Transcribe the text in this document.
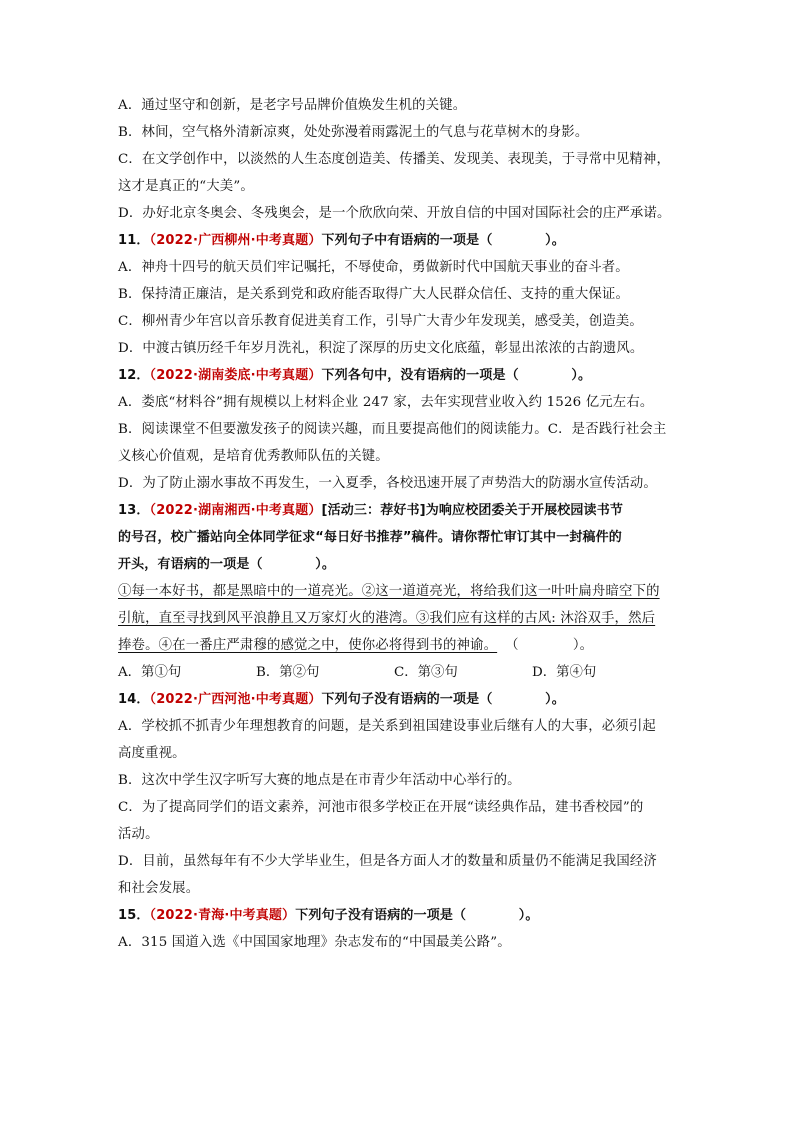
A．通过坚守和创新，是老字号品牌价值焕发生机的关键。
B．林间，空气格外清新凉爽，处处弥漫着雨露泥土的气息与花草树木的身影。
C．在文学创作中，以淡然的人生态度创造美、传播美、发现美、表现美，于寻常中见精神，
这才是真正的“大美”。
D．办好北京冬奥会、冬残奥会，是一个欣欣向荣、开放自信的中国对国际社会的庄严承诺。
11．（2022·广西柳州·中考真题）下列句子中有语病的一项是（　　　　）。
A．神舟十四号的航天员们牢记嘱托，不辱使命，勇做新时代中国航天事业的奋斗者。
B．保持清正廉洁，是关系到党和政府能否取得广大人民群众信任、支持的重大保证。
C．柳州青少年宫以音乐教育促进美育工作，引导广大青少年发现美，感受美，创造美。
D．中渡古镇历经千年岁月洗礼，积淀了深厚的历史文化底蕴，彰显出浓浓的古韵遗风。
12．（2022·湖南娄底·中考真题）下列各句中，没有语病的一项是（　　　　）。
A．娄底“材料谷”拥有规模以上材料企业 247 家，去年实现营业收入约 1526 亿元左右。
B．阅读课堂不但要激发孩子的阅读兴趣，而且要提高他们的阅读能力。C．是否践行社会主
义核心价值观，是培育优秀教师队伍的关键。
D．为了防止溺水事故不再发生，一入夏季，各校迅速开展了声势浩大的防溺水宣传活动。
13．（2022·湖南湘西·中考真题）[活动三：荐好书]为响应校团委关于开展校园读书节
的号召，校广播站向全体同学征求“每日好书推荐”稿件。请你帮忙审订其中一封稿件的
开头，有语病的一项是（　　　　）。
①每一本好书，都是黑暗中的一道亮光。②这一道道亮光，将给我们这一叶叶扁舟暗空下的
引航，直至寻找到风平浪静且又万家灯火的港湾。③我们应有这样的古风: 沐浴双手，然后
捧卷。④在一番庄严肃穆的感觉之中，使你必将得到书的神谕。 （　　　　）。
A．第①句	B．第②句	C．第③句	D．第④句
14．（2022·广西河池·中考真题）下列句子没有语病的一项是（　　　　）。
A．学校抓不抓青少年理想教育的问题，是关系到祖国建设事业后继有人的大事，必须引起
高度重视。
B．这次中学生汉字听写大赛的地点是在市青少年活动中心举行的。
C．为了提高同学们的语文素养，河池市很多学校正在开展“读经典作品，建书香校园”的
活动。
D．目前，虽然每年有不少大学毕业生，但是各方面人才的数量和质量仍不能满足我国经济
和社会发展。
15．（2022·青海·中考真题）下列句子没有语病的一项是（　　　　）。
A．315 国道入选《中国国家地理》杂志发布的“中国最美公路”。
